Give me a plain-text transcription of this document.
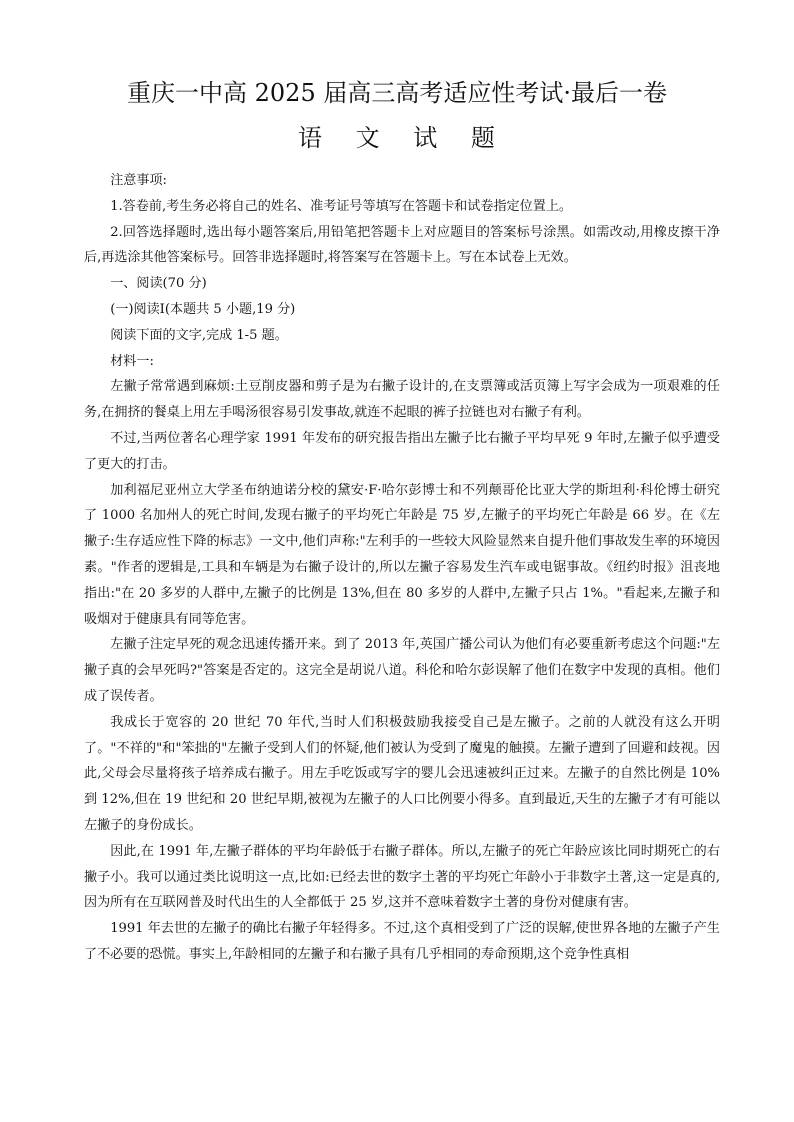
重庆一中高 2025 届高三高考适应性考试·最后一卷
语 文 试 题

注意事项:

1.答卷前,考生务必将自己的姓名、准考证号等填写在答题卡和试卷指定位置上。

2.回答选择题时,选出每小题答案后,用铅笔把答题卡上对应题目的答案标号涂黑。如需改动,用橡皮擦干净后,再选涂其他答案标号。回答非选择题时,将答案写在答题卡上。写在本试卷上无效。

一、阅读(70 分)

(一)阅读Ⅰ(本题共 5 小题,19 分)

阅读下面的文字,完成 1-5 题。

材料一:

左撇子常常遇到麻烦:土豆削皮器和剪子是为右撇子设计的,在支票簿或活页簿上写字会成为一项艰难的任务,在拥挤的餐桌上用左手喝汤很容易引发事故,就连不起眼的裤子拉链也对右撇子有利。

不过,当两位著名心理学家 1991 年发布的研究报告指出左撇子比右撇子平均早死 9 年时,左撇子似乎遭受了更大的打击。

加利福尼亚州立大学圣布纳迪诺分校的黛安·F·哈尔彭博士和不列颠哥伦比亚大学的斯坦利·科伦博士研究了 1000 名加州人的死亡时间,发现右撇子的平均死亡年龄是 75 岁,左撇子的平均死亡年龄是 66 岁。在《左撇子:生存适应性下降的标志》一文中,他们声称:"左利手的一些较大风险显然来自提升他们事故发生率的环境因素。"作者的逻辑是,工具和车辆是为右撇子设计的,所以左撇子容易发生汽车或电锯事故。《纽约时报》沮丧地指出:"在 20 多岁的人群中,左撇子的比例是 13%,但在 80 多岁的人群中,左撇子只占 1%。"看起来,左撇子和吸烟对于健康具有同等危害。

左撇子注定早死的观念迅速传播开来。到了 2013 年,英国广播公司认为他们有必要重新考虑这个问题:"左撇子真的会早死吗?"答案是否定的。这完全是胡说八道。科伦和哈尔彭误解了他们在数字中发现的真相。他们成了误传者。

我成长于宽容的 20 世纪 70 年代,当时人们积极鼓励我接受自己是左撇子。之前的人就没有这么开明了。"不祥的"和"笨拙的"左撇子受到人们的怀疑,他们被认为受到了魔鬼的触摸。左撇子遭到了回避和歧视。因此,父母会尽量将孩子培养成右撇子。用左手吃饭或写字的婴儿会迅速被纠正过来。左撇子的自然比例是 10%到 12%,但在 19 世纪和 20 世纪早期,被视为左撇子的人口比例要小得多。直到最近,天生的左撇子才有可能以左撇子的身份成长。

因此,在 1991 年,左撇子群体的平均年龄低于右撇子群体。所以,左撇子的死亡年龄应该比同时期死亡的右撇子小。我可以通过类比说明这一点,比如:已经去世的数字土著的平均死亡年龄小于非数字土著,这一定是真的,因为所有在互联网普及时代出生的人全都低于 25 岁,这并不意味着数字土著的身份对健康有害。

1991 年去世的左撇子的确比右撇子年轻得多。不过,这个真相受到了广泛的误解,使世界各地的左撇子产生了不必要的恐慌。事实上,年龄相同的左撇子和右撇子具有几乎相同的寿命预期,这个竞争性真相
